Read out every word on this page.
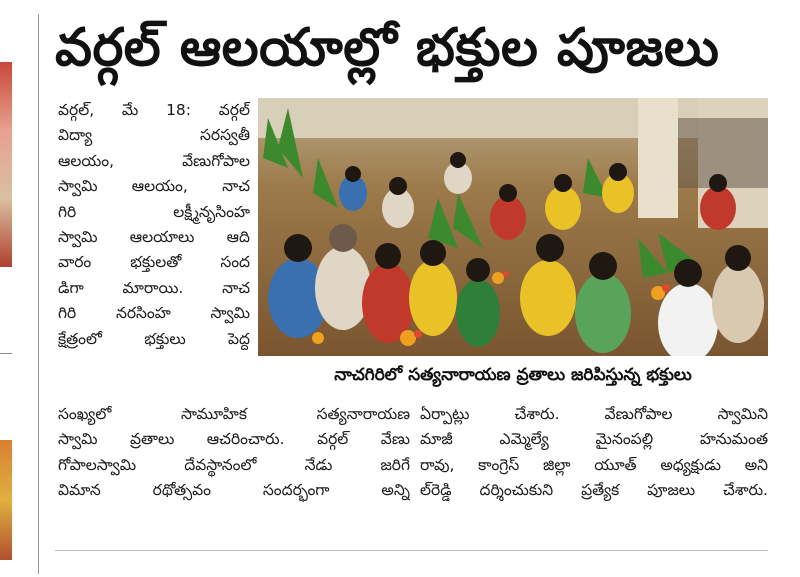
వర్గల్ ఆలయాల్లో భక్తుల పూజలు
వర్గల్, మే 18: వర్గల్
విద్యా సరస్వతీ
ఆలయం, వేణుగోపాల
స్వామి ఆలయం, నాచ
గిరి లక్ష్మీనృసింహ
స్వామి ఆలయాలు ఆది
వారం భక్తులతో సంద
డిగా మారాయి. నాచ
గిరి నరసింహ స్వామి
క్షేత్రంలో భక్తులు పెద్ద
నాచగిరిలో సత్యనారాయణ వ్రతాలు జరిపిస్తున్న భక్తులు
సంఖ్యలో సామూహిక సత్యనారాయణ
స్వామి వ్రతాలు ఆచరించారు. వర్గల్ వేణు
గోపాలస్వామి దేవస్థానంలో నేడు జరిగే
విమాన రథోత్సవం సందర్భంగా అన్ని
ఏర్పాట్లు చేశారు. వేణుగోపాల స్వామిని
మాజీ ఎమ్మెల్యే మైనంపల్లి హనుమంత
రావు, కాంగ్రెస్ జిల్లా యూత్ అధ్యక్షుడు అని
ల్‌రెడ్డి దర్శించుకుని ప్రత్యేక పూజలు చేశారు.
